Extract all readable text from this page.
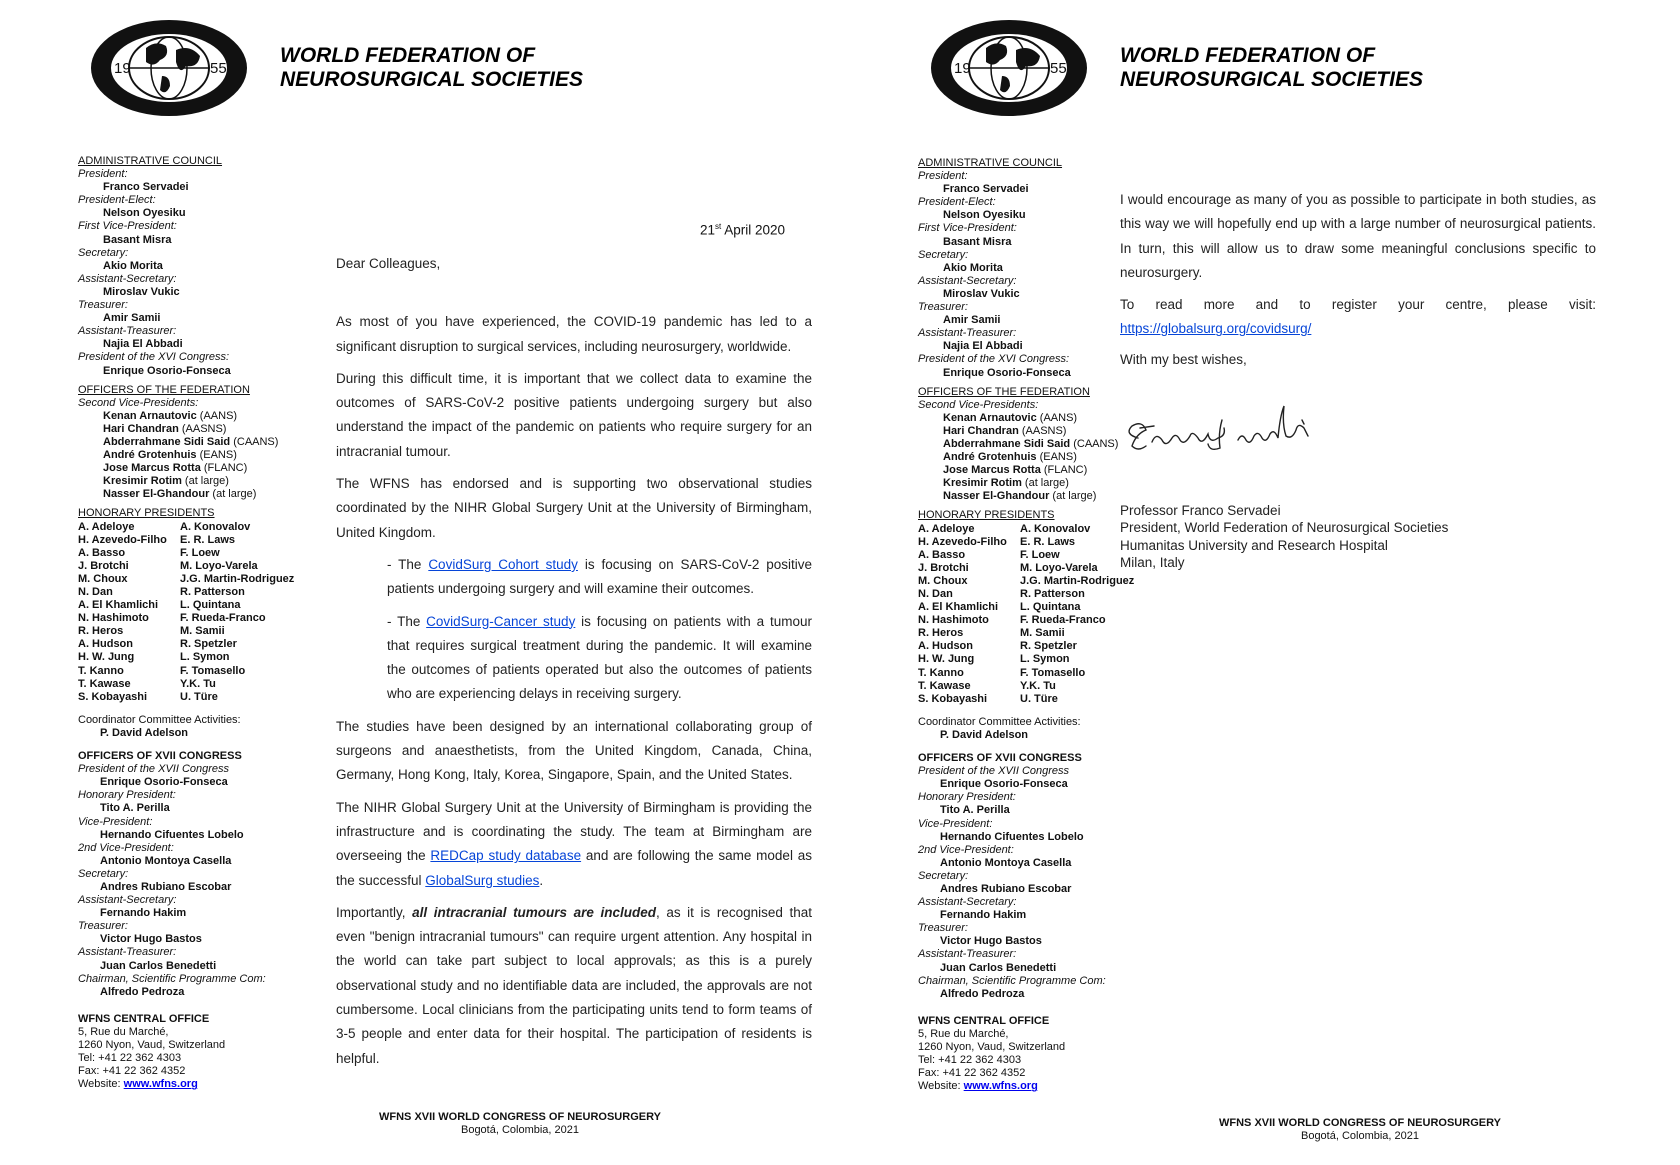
19	55
WORLD FEDERATION OF
NEUROSURGICAL SOCIETIES
ADMINISTRATIVE COUNCIL
President:
Franco Servadei
President-Elect:
Nelson Oyesiku
First Vice-President:
Basant Misra
Secretary:
Akio Morita
Assistant-Secretary:
Miroslav Vukic
Treasurer:
Amir Samii
Assistant-Treasurer:
Najia El Abbadi
President of the XVI Congress:
Enrique Osorio-Fonseca
OFFICERS OF THE FEDERATION
Second Vice-Presidents:
Kenan Arnautovic (AANS)
Hari Chandran (AASNS)
Abderrahmane Sidi Said (CAANS)
André Grotenhuis (EANS)
Jose Marcus Rotta (FLANC)
Kresimir Rotim (at large)
Nasser El-Ghandour (at large)
HONORARY PRESIDENTS
A. Adeloye	A. Konovalov
H. Azevedo-Filho	E. R. Laws
A. Basso	F. Loew
J. Brotchi	M. Loyo-Varela
M. Choux	J.G. Martin-Rodriguez
N. Dan	R. Patterson
A. El Khamlichi	L. Quintana
N. Hashimoto	F. Rueda-Franco
R. Heros	M. Samii
A. Hudson	R. Spetzler
H. W. Jung	L. Symon
T. Kanno	F. Tomasello
T. Kawase	Y.K. Tu
S. Kobayashi	U. Türe
Coordinator Committee Activities:
P. David Adelson
OFFICERS OF XVII CONGRESS
President of the XVII Congress
Enrique Osorio-Fonseca
Honorary President:
Tito A. Perilla
Vice-President:
Hernando Cifuentes Lobelo
2nd Vice-President:
Antonio Montoya Casella
Secretary:
Andres Rubiano Escobar
Assistant-Secretary:
Fernando Hakim
Treasurer:
Victor Hugo Bastos
Assistant-Treasurer:
Juan Carlos Benedetti
Chairman, Scientific Programme Com:
Alfredo Pedroza
WFNS CENTRAL OFFICE
5, Rue du Marché,
1260 Nyon, Vaud, Switzerland
Tel: +41 22 362 4303
Fax: +41 22 362 4352
Website: www.wfns.org
21st April 2020

Dear Colleagues,

As most of you have experienced, the COVID-19 pandemic has led to a significant disruption to surgical services, including neurosurgery, worldwide.

During this difficult time, it is important that we collect data to examine the outcomes of SARS-CoV-2 positive patients undergoing surgery but also understand the impact of the pandemic on patients who require surgery for an intracranial tumour.

The WFNS has endorsed and is supporting two observational studies coordinated by the NIHR Global Surgery Unit at the University of Birmingham, United Kingdom.

- The CovidSurg Cohort study is focusing on SARS-CoV-2 positive patients undergoing surgery and will examine their outcomes.

- The CovidSurg-Cancer study is focusing on patients with a tumour that requires surgical treatment during the pandemic. It will examine the outcomes of patients operated but also the outcomes of patients who are experiencing delays in receiving surgery.

The studies have been designed by an international collaborating group of surgeons and anaesthetists, from the United Kingdom, Canada, China, Germany, Hong Kong, Italy, Korea, Singapore, Spain, and the United States.

The NIHR Global Surgery Unit at the University of Birmingham is providing the infrastructure and is coordinating the study. The team at Birmingham are overseeing the REDCap study database and are following the same model as the successful GlobalSurg studies.

Importantly, all intracranial tumours are included, as it is recognised that even "benign intracranial tumours" can require urgent attention. Any hospital in the world can take part subject to local approvals; as this is a purely observational study and no identifiable data are included, the approvals are not cumbersome. Local clinicians from the participating units tend to form teams of 3-5 people and enter data for their hospital. The participation of residents is helpful.

WFNS XVII WORLD CONGRESS OF NEUROSURGERY
Bogotá, Colombia, 2021
19	55
WORLD FEDERATION OF
NEUROSURGICAL SOCIETIES
ADMINISTRATIVE COUNCIL
President:
Franco Servadei
President-Elect:
Nelson Oyesiku
First Vice-President:
Basant Misra
Secretary:
Akio Morita
Assistant-Secretary:
Miroslav Vukic
Treasurer:
Amir Samii
Assistant-Treasurer:
Najia El Abbadi
President of the XVI Congress:
Enrique Osorio-Fonseca
OFFICERS OF THE FEDERATION
Second Vice-Presidents:
Kenan Arnautovic (AANS)
Hari Chandran (AASNS)
Abderrahmane Sidi Said (CAANS)
André Grotenhuis (EANS)
Jose Marcus Rotta (FLANC)
Kresimir Rotim (at large)
Nasser El-Ghandour (at large)
HONORARY PRESIDENTS
A. Adeloye	A. Konovalov
H. Azevedo-Filho	E. R. Laws
A. Basso	F. Loew
J. Brotchi	M. Loyo-Varela
M. Choux	J.G. Martin-Rodriguez
N. Dan	R. Patterson
A. El Khamlichi	L. Quintana
N. Hashimoto	F. Rueda-Franco
R. Heros	M. Samii
A. Hudson	R. Spetzler
H. W. Jung	L. Symon
T. Kanno	F. Tomasello
T. Kawase	Y.K. Tu
S. Kobayashi	U. Türe
Coordinator Committee Activities:
P. David Adelson
OFFICERS OF XVII CONGRESS
President of the XVII Congress
Enrique Osorio-Fonseca
Honorary President:
Tito A. Perilla
Vice-President:
Hernando Cifuentes Lobelo
2nd Vice-President:
Antonio Montoya Casella
Secretary:
Andres Rubiano Escobar
Assistant-Secretary:
Fernando Hakim
Treasurer:
Victor Hugo Bastos
Assistant-Treasurer:
Juan Carlos Benedetti
Chairman, Scientific Programme Com:
Alfredo Pedroza
WFNS CENTRAL OFFICE
5, Rue du Marché,
1260 Nyon, Vaud, Switzerland
Tel: +41 22 362 4303
Fax: +41 22 362 4352
Website: www.wfns.org

I would encourage as many of you as possible to participate in both studies, as this way we will hopefully end up with a large number of neurosurgical patients. In turn, this will allow us to draw some meaningful conclusions specific to neurosurgery.

To read more and to register your centre, please visit: https://globalsurg.org/covidsurg/

With my best wishes,

Professor Franco Servadei
President, World Federation of Neurosurgical Societies
Humanitas University and Research Hospital
Milan, Italy
WFNS XVII WORLD CONGRESS OF NEUROSURGERY
Bogotá, Colombia, 2021
